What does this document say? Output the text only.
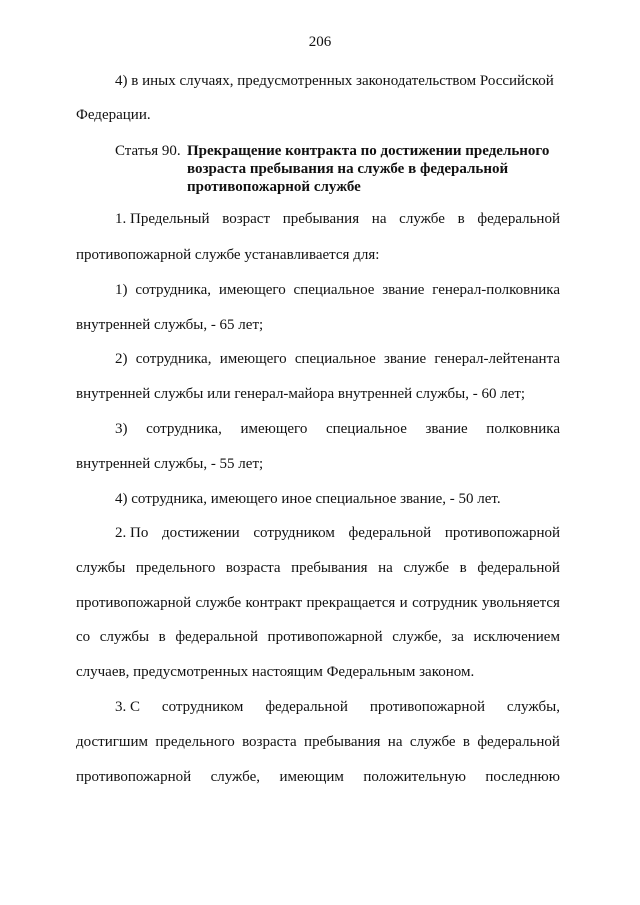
206
4) в иных случаях, предусмотренных законодательством Российской
Федерации.
Статья 90. Прекращение контракта по достижении предельного
возраста пребывания на службе в федеральной
противопожарной службе
1. Предельный возраст пребывания на службе в федеральной
противопожарной службе устанавливается для:
1) сотрудника, имеющего специальное звание генерал-полковника
внутренней службы, - 65 лет;
2) сотрудника, имеющего специальное звание генерал-лейтенанта
внутренней службы или генерал-майора внутренней службы, - 60 лет;
3) сотрудника, имеющего специальное звание полковника
внутренней службы, - 55 лет;
4) сотрудника, имеющего иное специальное звание, - 50 лет.
2. По достижении сотрудником федеральной противопожарной
службы предельного возраста пребывания на службе в федеральной
противопожарной службе контракт прекращается и сотрудник увольняется
со службы в федеральной противопожарной службе, за исключением
случаев, предусмотренных настоящим Федеральным законом.
3. С сотрудником федеральной противопожарной службы,
достигшим предельного возраста пребывания на службе в федеральной
противопожарной службе, имеющим положительную последнюю
